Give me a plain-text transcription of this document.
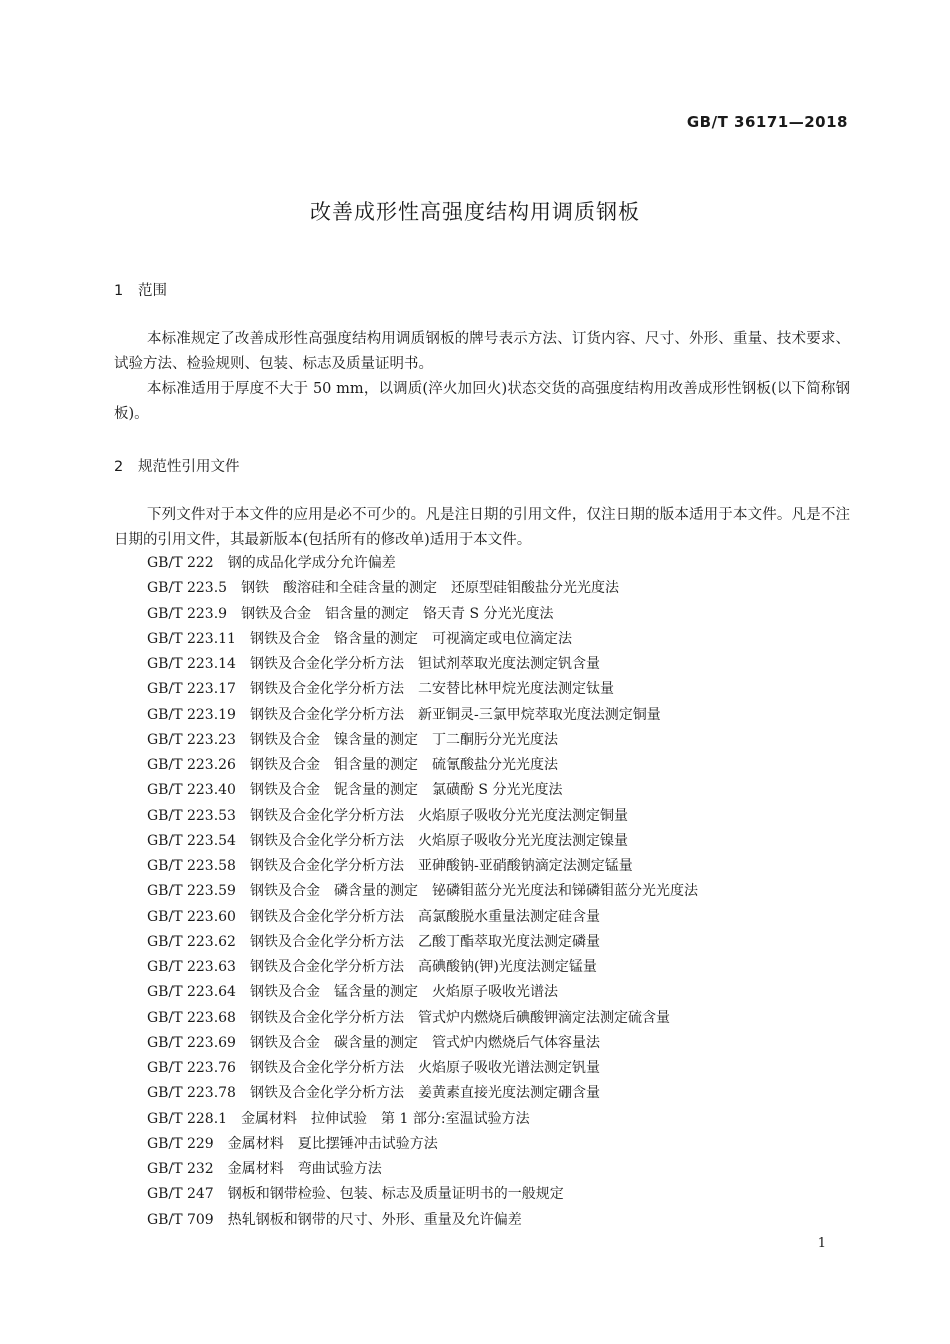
GB/T 36171—2018
改善成形性高强度结构用调质钢板
1 范围

本标准规定了改善成形性高强度结构用调质钢板的牌号表示方法、订货内容、尺寸、外形、重量、技术要求、试验方法、检验规则、包装、标志及质量证明书。

本标准适用于厚度不大于 50 mm，以调质(淬火加回火)状态交货的高强度结构用改善成形性钢板(以下简称钢板)。

2 规范性引用文件

下列文件对于本文件的应用是必不可少的。凡是注日期的引用文件，仅注日期的版本适用于本文件。凡是不注日期的引用文件，其最新版本(包括所有的修改单)适用于本文件。

GB/T 222 钢的成品化学成分允许偏差
GB/T 223.5 钢铁　酸溶硅和全硅含量的测定　还原型硅钼酸盐分光光度法
GB/T 223.9 钢铁及合金　铝含量的测定　铬天青 S 分光光度法
GB/T 223.11 钢铁及合金　铬含量的测定　可视滴定或电位滴定法
GB/T 223.14 钢铁及合金化学分析方法　钽试剂萃取光度法测定钒含量
GB/T 223.17 钢铁及合金化学分析方法　二安替比林甲烷光度法测定钛量
GB/T 223.19 钢铁及合金化学分析方法　新亚铜灵-三氯甲烷萃取光度法测定铜量
GB/T 223.23 钢铁及合金　镍含量的测定　丁二酮肟分光光度法
GB/T 223.26 钢铁及合金　钼含量的测定　硫氰酸盐分光光度法
GB/T 223.40 钢铁及合金　铌含量的测定　氯磺酚 S 分光光度法
GB/T 223.53 钢铁及合金化学分析方法　火焰原子吸收分光光度法测定铜量
GB/T 223.54 钢铁及合金化学分析方法　火焰原子吸收分光光度法测定镍量
GB/T 223.58 钢铁及合金化学分析方法　亚砷酸钠-亚硝酸钠滴定法测定锰量
GB/T 223.59 钢铁及合金　磷含量的测定　铋磷钼蓝分光光度法和锑磷钼蓝分光光度法
GB/T 223.60 钢铁及合金化学分析方法　高氯酸脱水重量法测定硅含量
GB/T 223.62 钢铁及合金化学分析方法　乙酸丁酯萃取光度法测定磷量
GB/T 223.63 钢铁及合金化学分析方法　高碘酸钠(钾)光度法测定锰量
GB/T 223.64 钢铁及合金　锰含量的测定　火焰原子吸收光谱法
GB/T 223.68 钢铁及合金化学分析方法　管式炉内燃烧后碘酸钾滴定法测定硫含量
GB/T 223.69 钢铁及合金　碳含量的测定　管式炉内燃烧后气体容量法
GB/T 223.76 钢铁及合金化学分析方法　火焰原子吸收光谱法测定钒量
GB/T 223.78 钢铁及合金化学分析方法　姜黄素直接光度法测定硼含量
GB/T 228.1 金属材料　拉伸试验　第 1 部分:室温试验方法
GB/T 229 金属材料　夏比摆锤冲击试验方法
GB/T 232 金属材料　弯曲试验方法
GB/T 247 钢板和钢带检验、包装、标志及质量证明书的一般规定
GB/T 709 热轧钢板和钢带的尺寸、外形、重量及允许偏差
1
